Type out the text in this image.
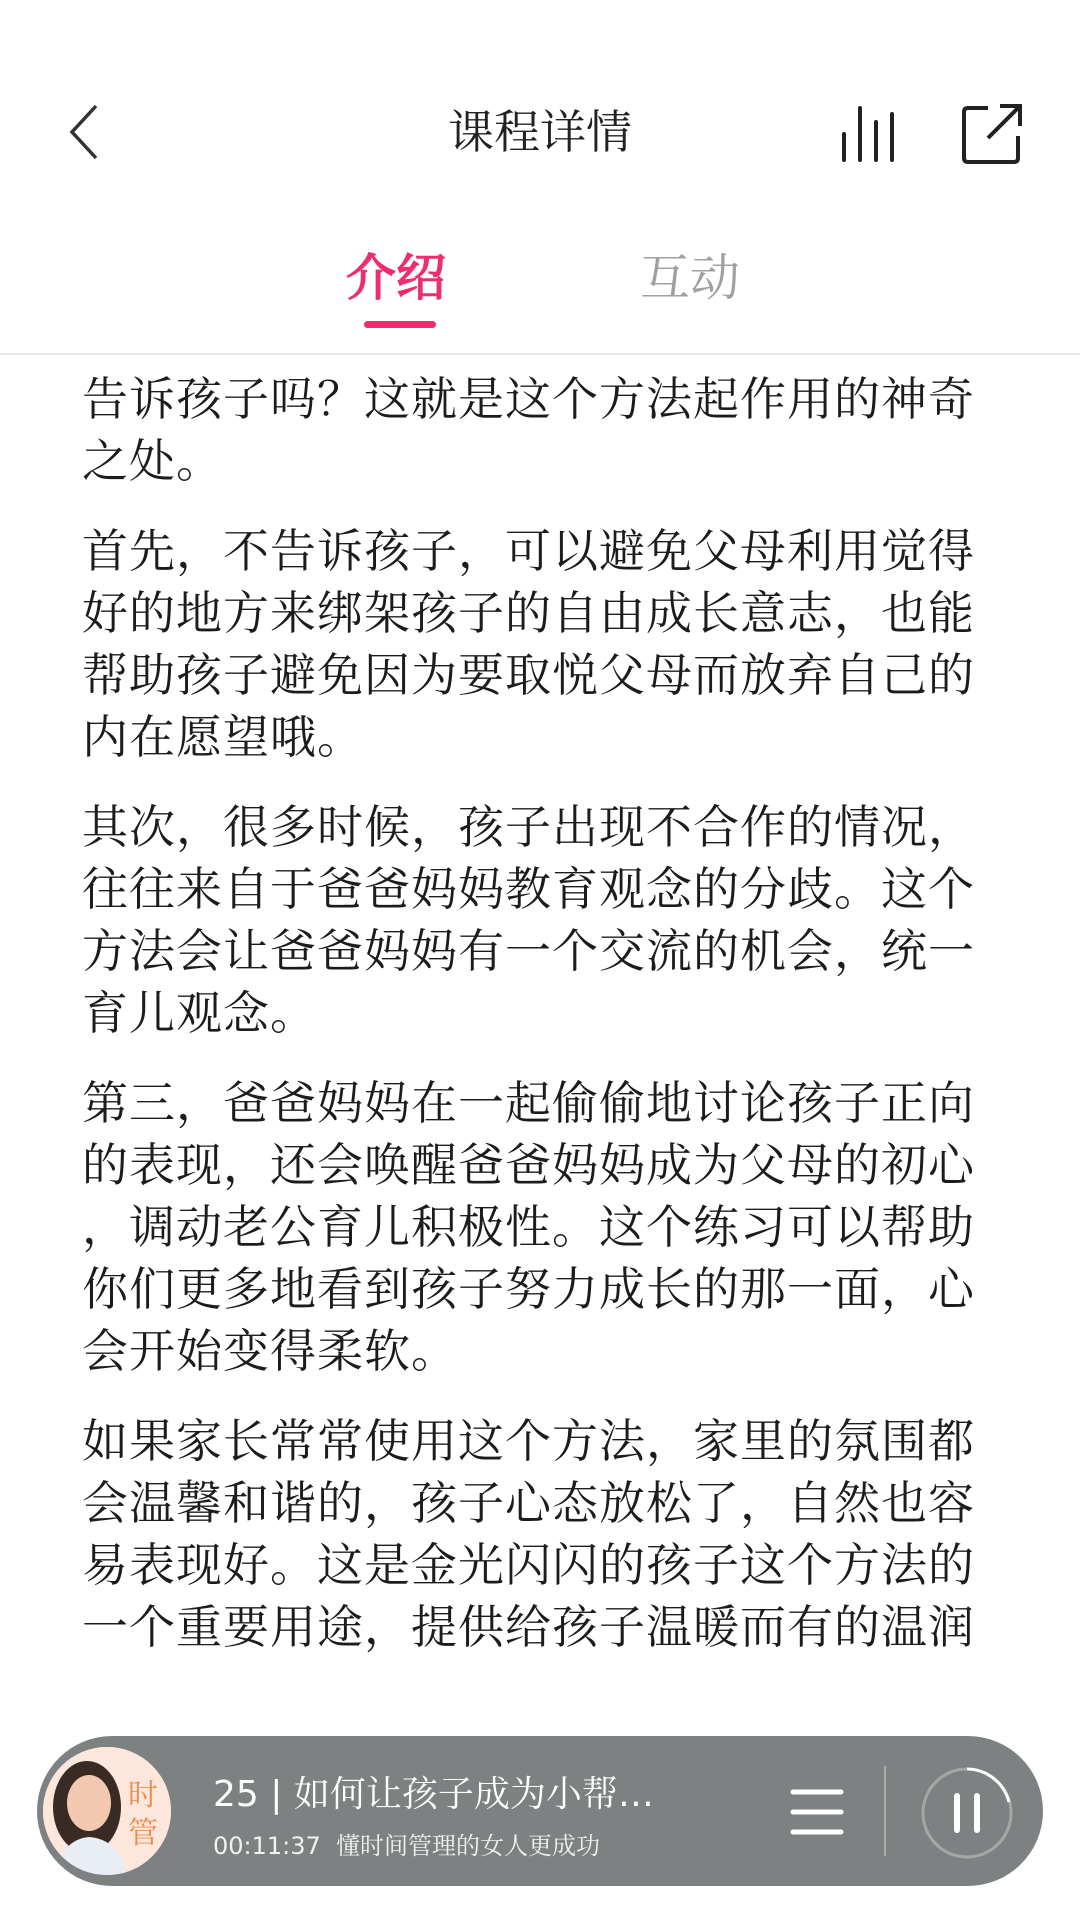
课程详情
介绍	互动
告诉孩子吗？这就是这个方法起作用的神奇
之处。
首先，不告诉孩子，可以避免父母利用觉得
好的地方来绑架孩子的自由成长意志，也能
帮助孩子避免因为要取悦父母而放弃自己的
内在愿望哦。
其次，很多时候，孩子出现不合作的情况，
往往来自于爸爸妈妈教育观念的分歧。这个
方法会让爸爸妈妈有一个交流的机会，统一
育儿观念。
第三，爸爸妈妈在一起偷偷地讨论孩子正向
的表现，还会唤醒爸爸妈妈成为父母的初心
，调动老公育儿积极性。这个练习可以帮助
你们更多地看到孩子努力成长的那一面，心
会开始变得柔软。
如果家长常常使用这个方法，家里的氛围都
会温馨和谐的，孩子心态放松了，自然也容
易表现好。这是金光闪闪的孩子这个方法的
一个重要用途，提供给孩子温暖而有的温润
时
管
25 | 如何让孩子成为小帮…
00:11:37 懂时间管理的女人更成功
